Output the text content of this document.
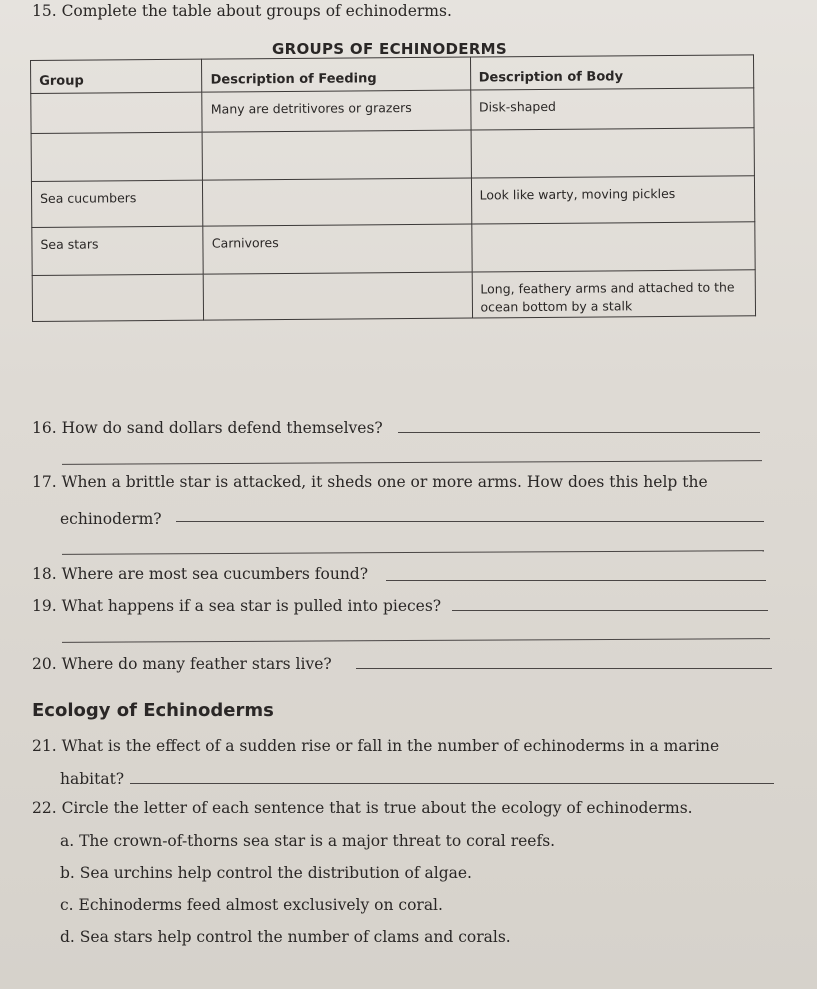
15. Complete the table about groups of echinoderms.
GROUPS OF ECHINODERMS
Group	Description of Feeding	Description of Body
	Many are detritivores or grazers	Disk-shaped

Sea cucumbers		Look like warty, moving pickles
Sea stars	Carnivores	
		Long, feathery arms and attached to the ocean bottom by a stalk
16. How do sand dollars defend themselves?
17. When a brittle star is attacked, it sheds one or more arms. How does this help the
echinoderm?
18. Where are most sea cucumbers found?
19. What happens if a sea star is pulled into pieces?
20. Where do many feather stars live?
Ecology of Echinoderms
21. What is the effect of a sudden rise or fall in the number of echinoderms in a marine
habitat?
22. Circle the letter of each sentence that is true about the ecology of echinoderms.
a. The crown-of-thorns sea star is a major threat to coral reefs.
b. Sea urchins help control the distribution of algae.
c. Echinoderms feed almost exclusively on coral.
d. Sea stars help control the number of clams and corals.
